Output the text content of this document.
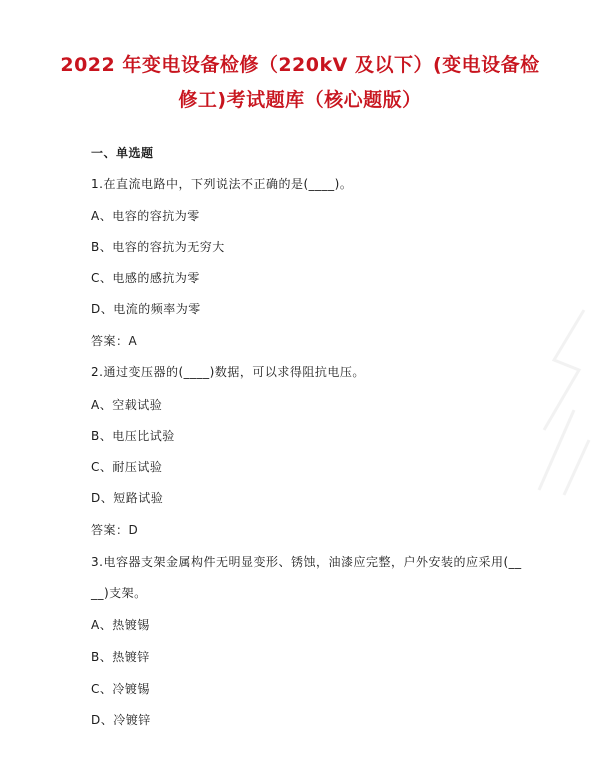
2022 年变电设备检修（220kV 及以下）(变电设备检
修工)考试题库（核心题版）
一、单选题
1.在直流电路中，下列说法不正确的是(____)。
A、电容的容抗为零
B、电容的容抗为无穷大
C、电感的感抗为零
D、电流的频率为零
答案：A
2.通过变压器的(____)数据，可以求得阻抗电压。
A、空载试验
B、电压比试验
C、耐压试验
D、短路试验
答案：D
3.电容器支架金属构件无明显变形、锈蚀，油漆应完整，户外安装的应采用(__
__)支架。
A、热镀锡
B、热镀锌
C、冷镀锡
D、冷镀锌
